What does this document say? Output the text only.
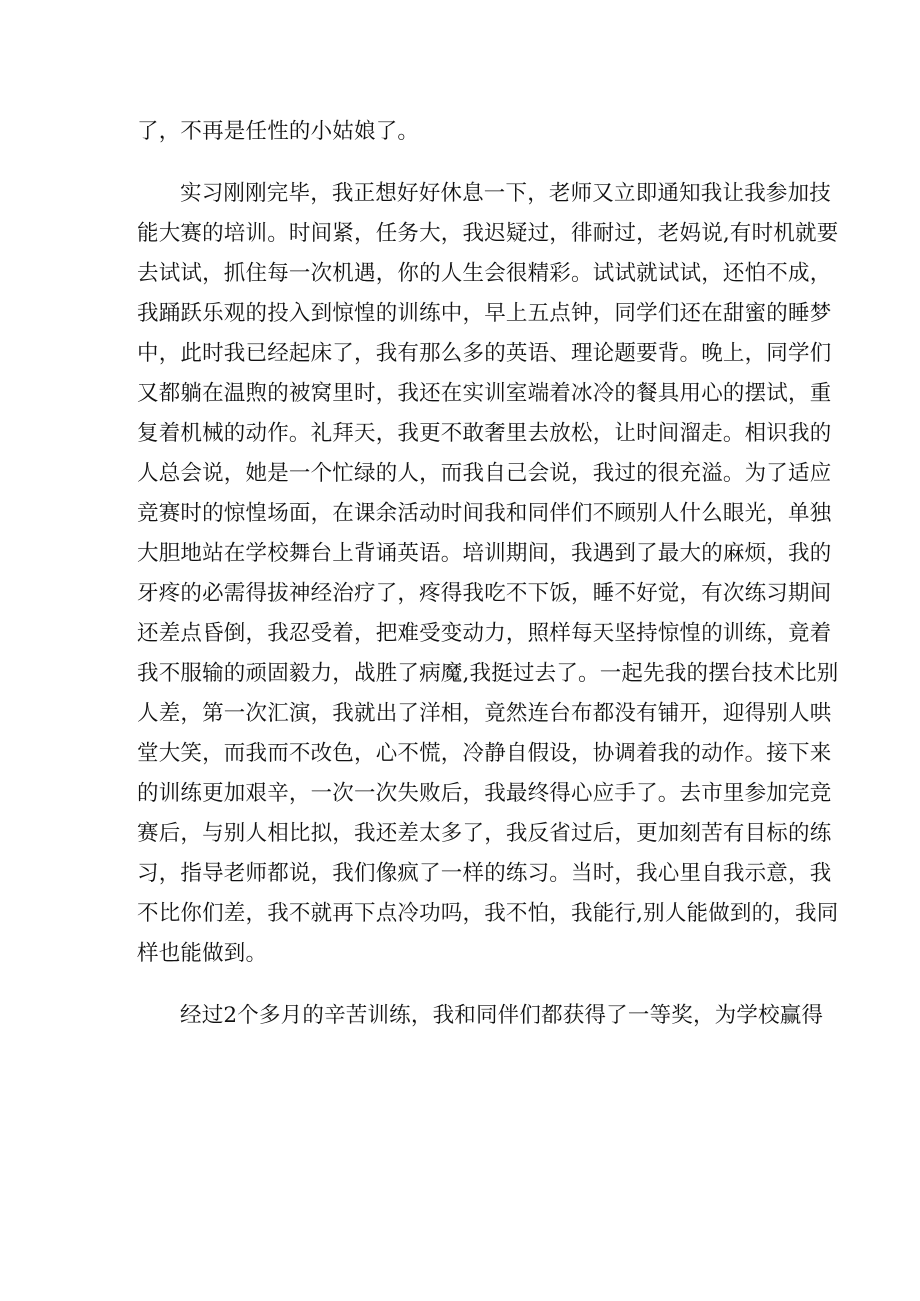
了，不再是任性的小姑娘了。
实习刚刚完毕，我正想好好休息一下，老师又立即通知我让我参加技
能大赛的培训。时间紧，任务大，我迟疑过，徘耐过，老妈说,有时机就要
去试试，抓住每一次机遇，你的人生会很精彩。试试就试试，还怕不成，
我踊跃乐观的投入到惊惶的训练中，早上五点钟，同学们还在甜蜜的睡梦
中，此时我已经起床了，我有那么多的英语、理论题要背。晚上，同学们
又都躺在温煦的被窝里时，我还在实训室端着冰冷的餐具用心的摆试，重
复着机械的动作。礼拜天，我更不敢奢里去放松，让时间溜走。相识我的
人总会说，她是一个忙绿的人，而我自己会说，我过的很充溢。为了适应
竞赛时的惊惶场面，在课余活动时间我和同伴们不顾别人什么眼光，单独
大胆地站在学校舞台上背诵英语。培训期间，我遇到了最大的麻烦，我的
牙疼的必需得拔神经治疗了，疼得我吃不下饭，睡不好觉，有次练习期间
还差点昏倒，我忍受着，把难受变动力，照样每天坚持惊惶的训练，竟着
我不服输的顽固毅力，战胜了病魔,我挺过去了。一起先我的摆台技术比别
人差，第一次汇演，我就出了洋相，竟然连台布都没有铺开，迎得别人哄
堂大笑，而我而不改色，心不慌，冷静自假设，协调着我的动作。接下来
的训练更加艰辛，一次一次失败后，我最终得心应手了。去市里参加完竞
赛后，与别人相比拟，我还差太多了，我反省过后，更加刻苦有目标的练
习，指导老师都说，我们像疯了一样的练习。当时，我心里自我示意，我
不比你们差，我不就再下点冷功吗，我不怕，我能行,别人能做到的，我同
样也能做到。
经过2个多月的辛苦训练，我和同伴们都获得了一等奖，为学校赢得
